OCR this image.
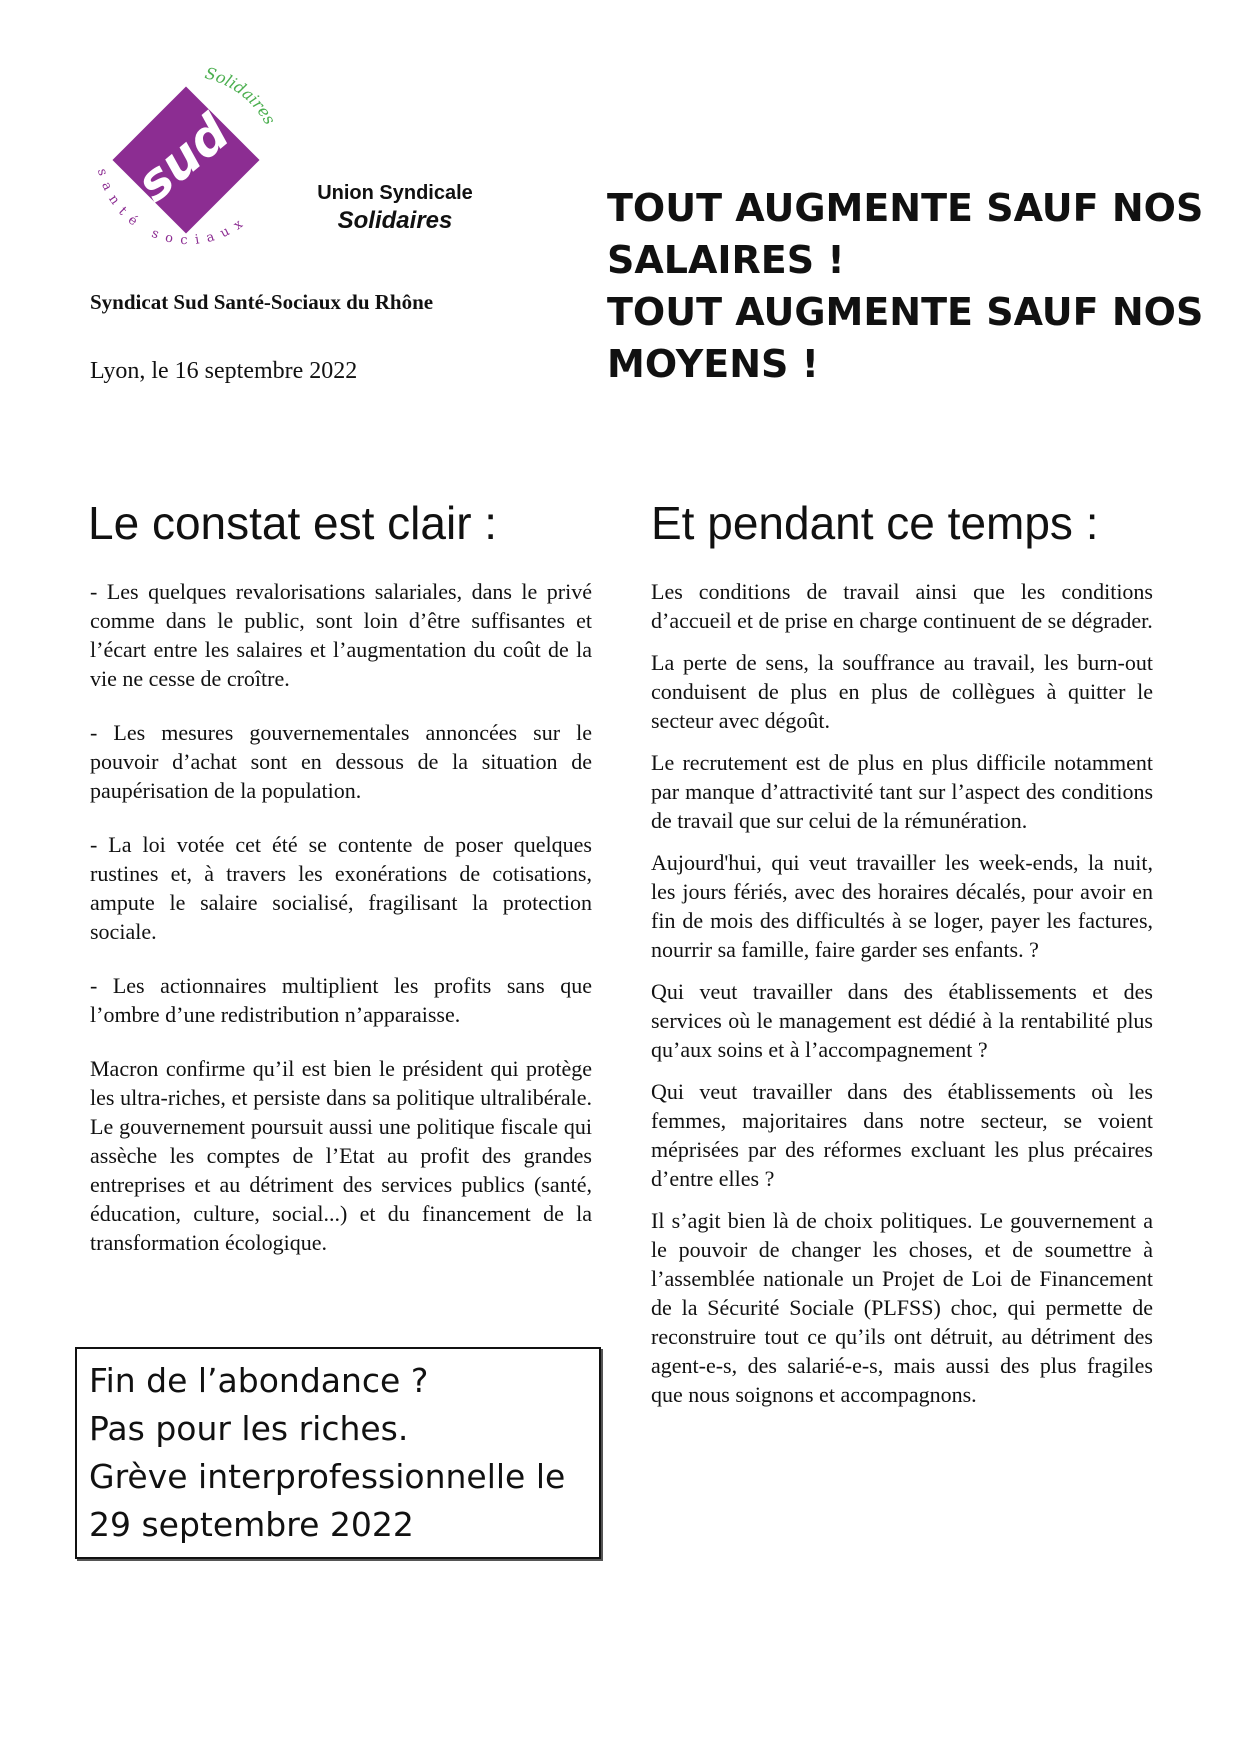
sud
Solidaires
santé sociaux
Union Syndicale
Solidaires
Syndicat Sud Santé-Sociaux du Rhône
Lyon, le 16 septembre 2022
TOUT AUGMENTE SAUF NOS
SALAIRES !
TOUT AUGMENTE SAUF NOS
MOYENS !
Le constat est clair :	Et pendant ce temps :

- Les quelques revalorisations salariales, dans le privé comme dans le public, sont loin d’être suffisantes et l’écart entre les salaires et l’augmentation du coût de la vie ne cesse de croître.

- Les mesures gouvernementales annoncées sur le pouvoir d’achat sont en dessous de la situation de paupérisation de la population.

- La loi votée cet été se contente de poser quelques rustines et, à travers les exonérations de cotisations, ampute le salaire socialisé, fragilisant la protection sociale.

- Les actionnaires multiplient les profits sans que l’ombre d’une redistribution n’apparaisse.

Macron confirme qu’il est bien le président qui protège les ultra-riches, et persiste dans sa politique ultralibérale. Le gouvernement poursuit aussi une politique fiscale qui assèche les comptes de l’Etat au profit des grandes entreprises et au détriment des services publics (santé, éducation, culture, social...) et du financement de la transformation écologique.

Les conditions de travail ainsi que les conditions d’accueil et de prise en charge continuent de se dégrader.

La perte de sens, la souffrance au travail, les burn-out conduisent de plus en plus de collègues à quitter le secteur avec dégoût.

Le recrutement est de plus en plus difficile notamment par manque d’attractivité tant sur l’aspect des conditions de travail que sur celui de la rémunération.

Aujourd'hui, qui veut travailler les week-ends, la nuit, les jours fériés, avec des horaires décalés, pour avoir en fin de mois des difficultés à se loger, payer les factures, nourrir sa famille, faire garder ses enfants. ?

Qui veut travailler dans des établissements et des services où le management est dédié à la rentabilité plus qu’aux soins et à l’accompagnement ?

Qui veut travailler dans des établissements où les femmes, majoritaires dans notre secteur, se voient méprisées par des réformes excluant les plus précaires d’entre elles ?

Il s’agit bien là de choix politiques. Le gouvernement a le pouvoir de changer les choses, et de soumettre à l’assemblée nationale un Projet de Loi de Financement de la Sécurité Sociale (PLFSS) choc, qui permette de reconstruire tout ce qu’ils ont détruit, au détriment des agent-e-s, des salarié-e-s, mais aussi des plus fragiles que nous soignons et accompagnons.

Fin de l’abondance ?
Pas pour les riches.
Grève interprofessionnelle le
29 septembre 2022
